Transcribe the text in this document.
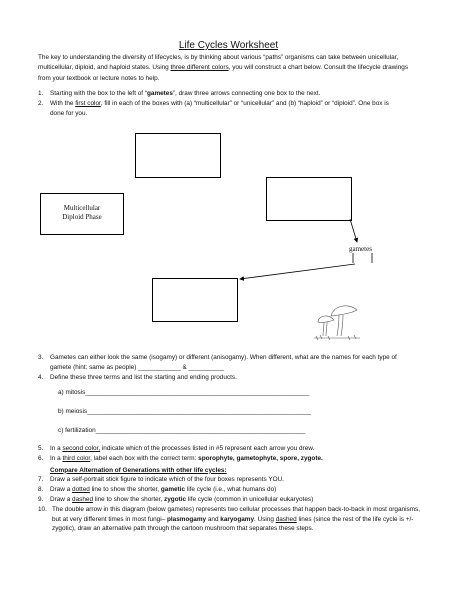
Life Cycles Worksheet
The key to understanding the diversity of lifecycles, is by thinking about various “paths” organisms can take between unicellular, multicellular, diploid, and haploid states. Using three different colors, you will construct a chart below. Consult the lifecycle drawings from your textbook or lecture notes to help.
1. Starting with the box to the left of “gametes”, draw three arrows connecting one box to the next.
2. With the first color, fill in each of the boxes with (a) “multicellular” or “unicellular” and (b) “haploid” or “diploid”. One box is done for you.
Multicellular
Diploid Phase
gametes
3. Gametes can either look the same (isogamy) or different (anisogamy). When different, what are the names for each type of gamete (hint: same as people) ____________ & __________
4. Define these three terms and list the starting and ending products.
a) mitosis_______________________________________________________________
b) meiosis_______________________________________________________________
c) fertilization___________________________________________________________
5. In a second color, indicate which of the processes listed in #5 represent each arrow you drew.
6. In a third color, label each box with the correct term: sporophyte, gametophyte, spore, zygote.
Compare Alternation of Generations with other life cycles:
7. Draw a self-portrait stick figure to indicate which of the four boxes represents YOU.
8. Draw a dotted line to show the shorter, gametic life cycle (i.e., what humans do)
9. Draw a dashed line to show the shorter, zygotic life cycle (common in unicellular eukaryotes)
10. The double arrow in this diagram (below gametes) represents two cellular processes that happen back-to-back in most organisms, but at very different times in most fungi– plasmogamy and karyogamy. Using dashed lines (since the rest of the life cycle is +/- zygotic), draw an alternative path through the cartoon mushroom that separates these steps.
